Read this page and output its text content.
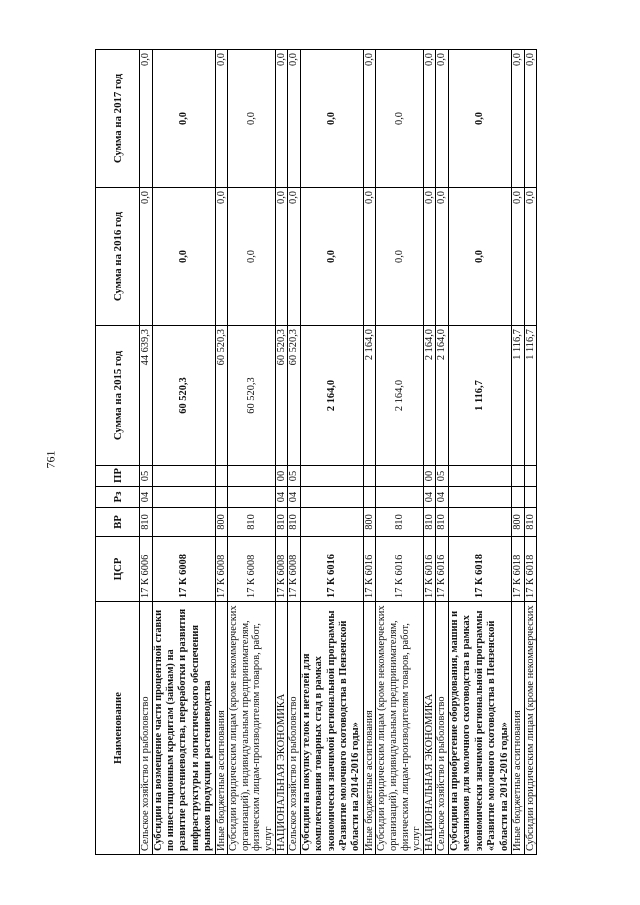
761
Наименование	ЦСР	ВР	Рз	ПР	Сумма на 2015 год	Сумма на 2016 год	Сумма на 2017 год
Сельское хозяйство и рыболовство	17 К 6006	810	04	05	44 639,3	0,0	0,0
Субсидии на возмещение части процентной ставки по инвестиционным кредитам (займам) на развитие растениеводства, переработки и развития инфраструктуры и логистического обеспечения рынков продукции растениеводства	17 К 6008				60 520,3	0,0	0,0
Иные бюджетные ассигнования	17 К 6008	800			60 520,3	0,0	0,0
Субсидии юридическим лицам (кроме некоммерческих организаций), индивидуальным предпринимателям, физическим лицам-производителям товаров, работ, услуг	17 К 6008	810			60 520,3	0,0	0,0
НАЦИОНАЛЬНАЯ ЭКОНОМИКА	17 К 6008	810	04	00	60 520,3	0,0	0,0
Сельское хозяйство и рыболовство	17 К 6008	810	04	05	60 520,3	0,0	0,0
Субсидии на покупку телок и нетелей для комплектования товарных стад в рамках экономически значимой региональной программы «Развитие молочного скотоводства в Пензенской области на 2014-2016 годы»	17 К 6016				2 164,0	0,0	0,0
Иные бюджетные ассигнования	17 К 6016	800			2 164,0	0,0	0,0
Субсидии юридическим лицам (кроме некоммерческих организаций), индивидуальным предпринимателям, физическим лицам-производителям товаров, работ, услуг	17 К 6016	810			2 164,0	0,0	0,0
НАЦИОНАЛЬНАЯ ЭКОНОМИКА	17 К 6016	810	04	00	2 164,0	0,0	0,0
Сельское хозяйство и рыболовство	17 К 6016	810	04	05	2 164,0	0,0	0,0
Субсидии на приобретение оборудования, машин и механизмов для молочного скотоводства в рамках экономически значимой региональной программы «Развитие молочного скотоводства в Пензенской области на 2014-2016 годы»	17 К 6018				1 116,7	0,0	0,0
Иные бюджетные ассигнования	17 К 6018	800			1 116,7	0,0	0,0
Субсидии юридическим лицам (кроме некоммерческих	17 К 6018	810			1 116,7	0,0	0,0
